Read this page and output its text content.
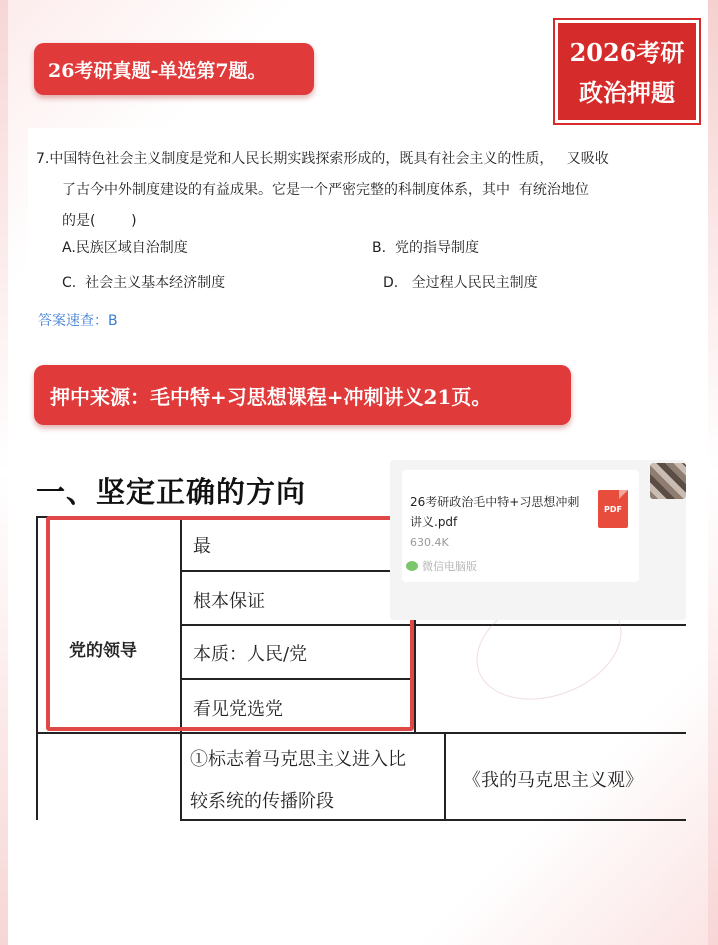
26考研真题-单选第7题。
2026考研
政治押题
7.中国特色社会主义制度是党和人民长期实践探索形成的，既具有社会主义的性质，   又吸收
了古今中外制度建设的有益成果。它是一个严密完整的科制度体系，其中  有统治地位
的是(        )
A.民族区域自治制度	B.  党的指导制度
C.  社会主义基本经济制度	D.   全过程人民民主制度
答案速查：B
押中来源：毛中特+习思想课程+冲刺讲义21页。
一、坚定正确的方向
党的领导
最
根本保证
本质：人民/党
看见党选党
①标志着马克思主义进入比
较系统的传播阶段
《我的马克思主义观》
26考研政治毛中特+习思想冲刺讲义.pdf
630.4K
PDF
微信电脑版
